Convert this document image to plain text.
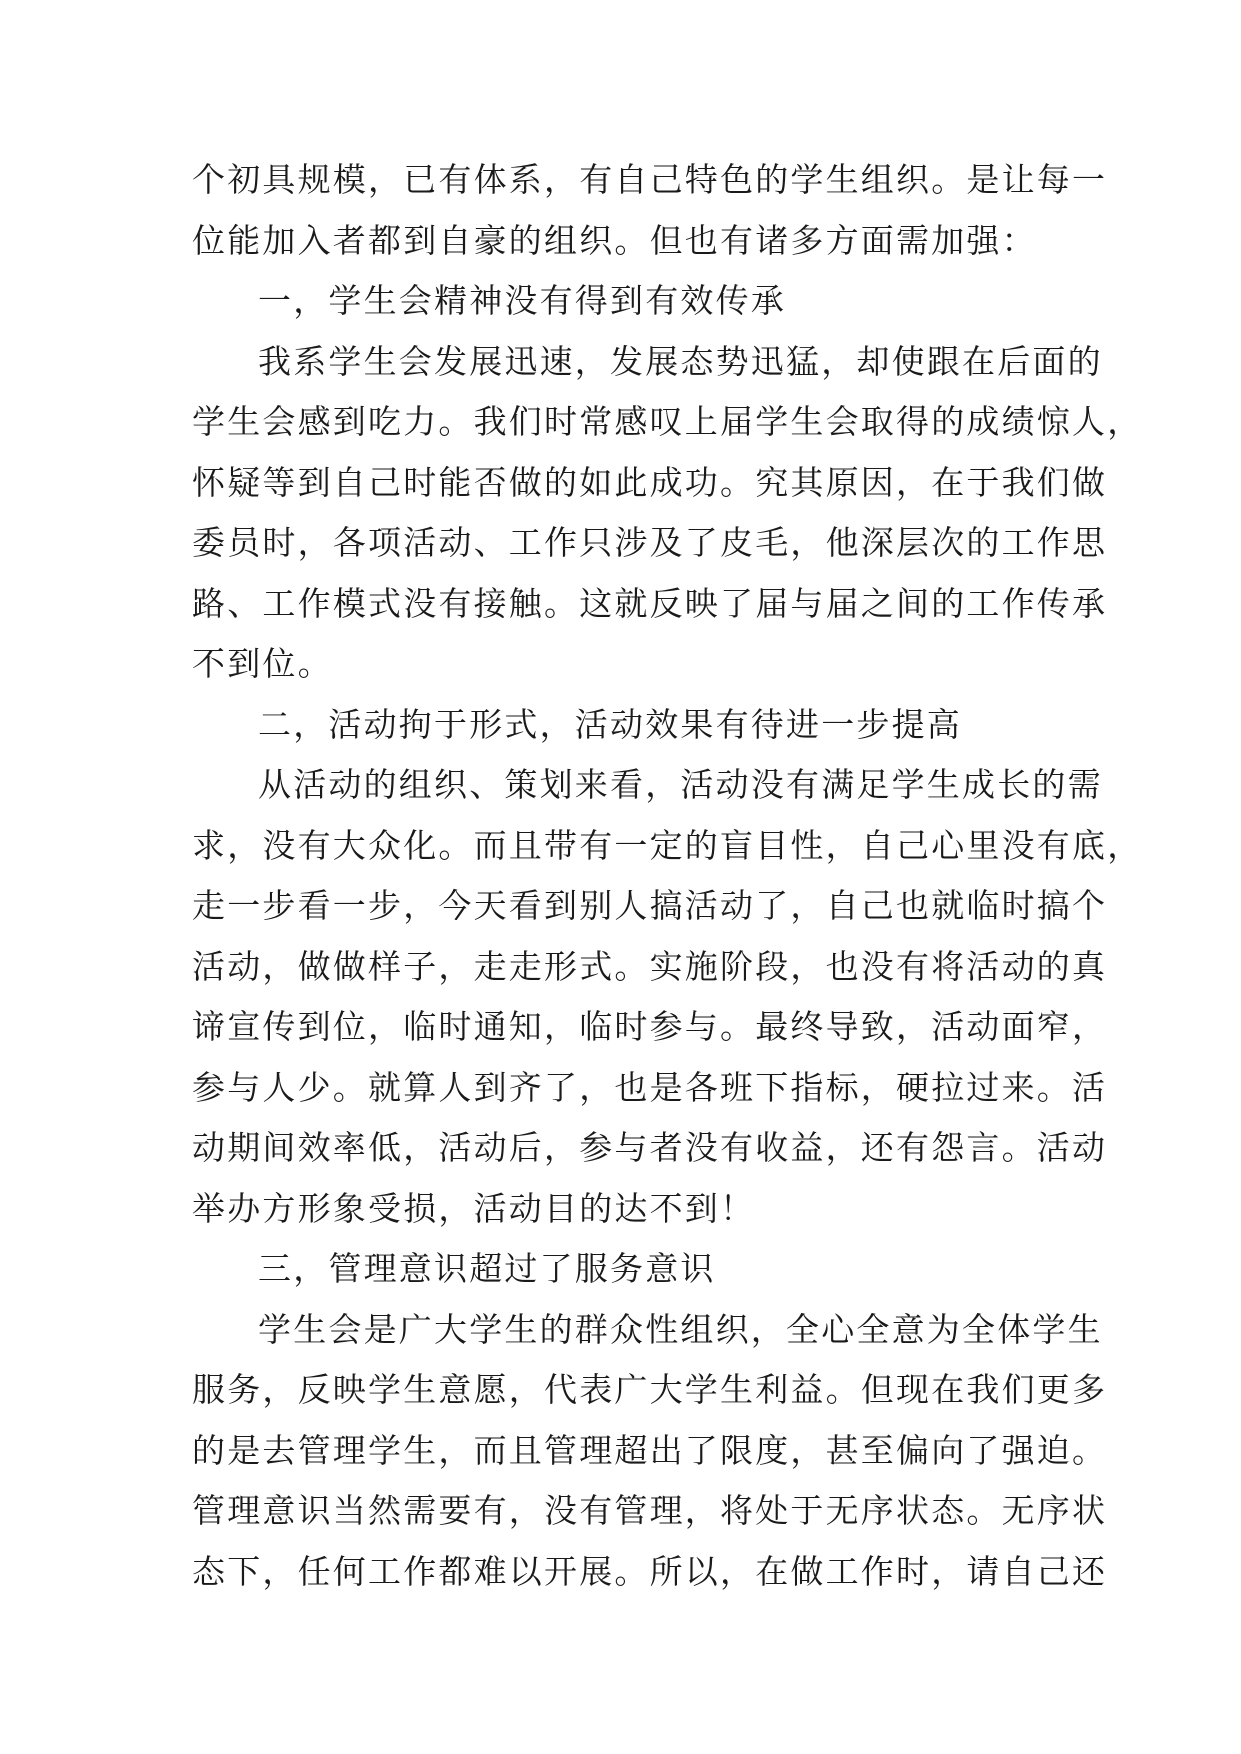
个初具规模，已有体系，有自己特色的学生组织。是让每一
位能加入者都到自豪的组织。但也有诸多方面需加强：
一，学生会精神没有得到有效传承
我系学生会发展迅速，发展态势迅猛，却使跟在后面的
学生会感到吃力。我们时常感叹上届学生会取得的成绩惊人，
怀疑等到自己时能否做的如此成功。究其原因，在于我们做
委员时，各项活动、工作只涉及了皮毛，他深层次的工作思
路、工作模式没有接触。这就反映了届与届之间的工作传承
不到位。
二，活动拘于形式，活动效果有待进一步提高
从活动的组织、策划来看，活动没有满足学生成长的需
求，没有大众化。而且带有一定的盲目性，自己心里没有底，
走一步看一步，今天看到别人搞活动了，自己也就临时搞个
活动，做做样子，走走形式。实施阶段，也没有将活动的真
谛宣传到位，临时通知，临时参与。最终导致，活动面窄，
参与人少。就算人到齐了，也是各班下指标，硬拉过来。活
动期间效率低，活动后，参与者没有收益，还有怨言。活动
举办方形象受损，活动目的达不到！
三，管理意识超过了服务意识
学生会是广大学生的群众性组织，全心全意为全体学生
服务，反映学生意愿，代表广大学生利益。但现在我们更多
的是去管理学生，而且管理超出了限度，甚至偏向了强迫。
管理意识当然需要有，没有管理，将处于无序状态。无序状
态下，任何工作都难以开展。所以，在做工作时，请自己还
